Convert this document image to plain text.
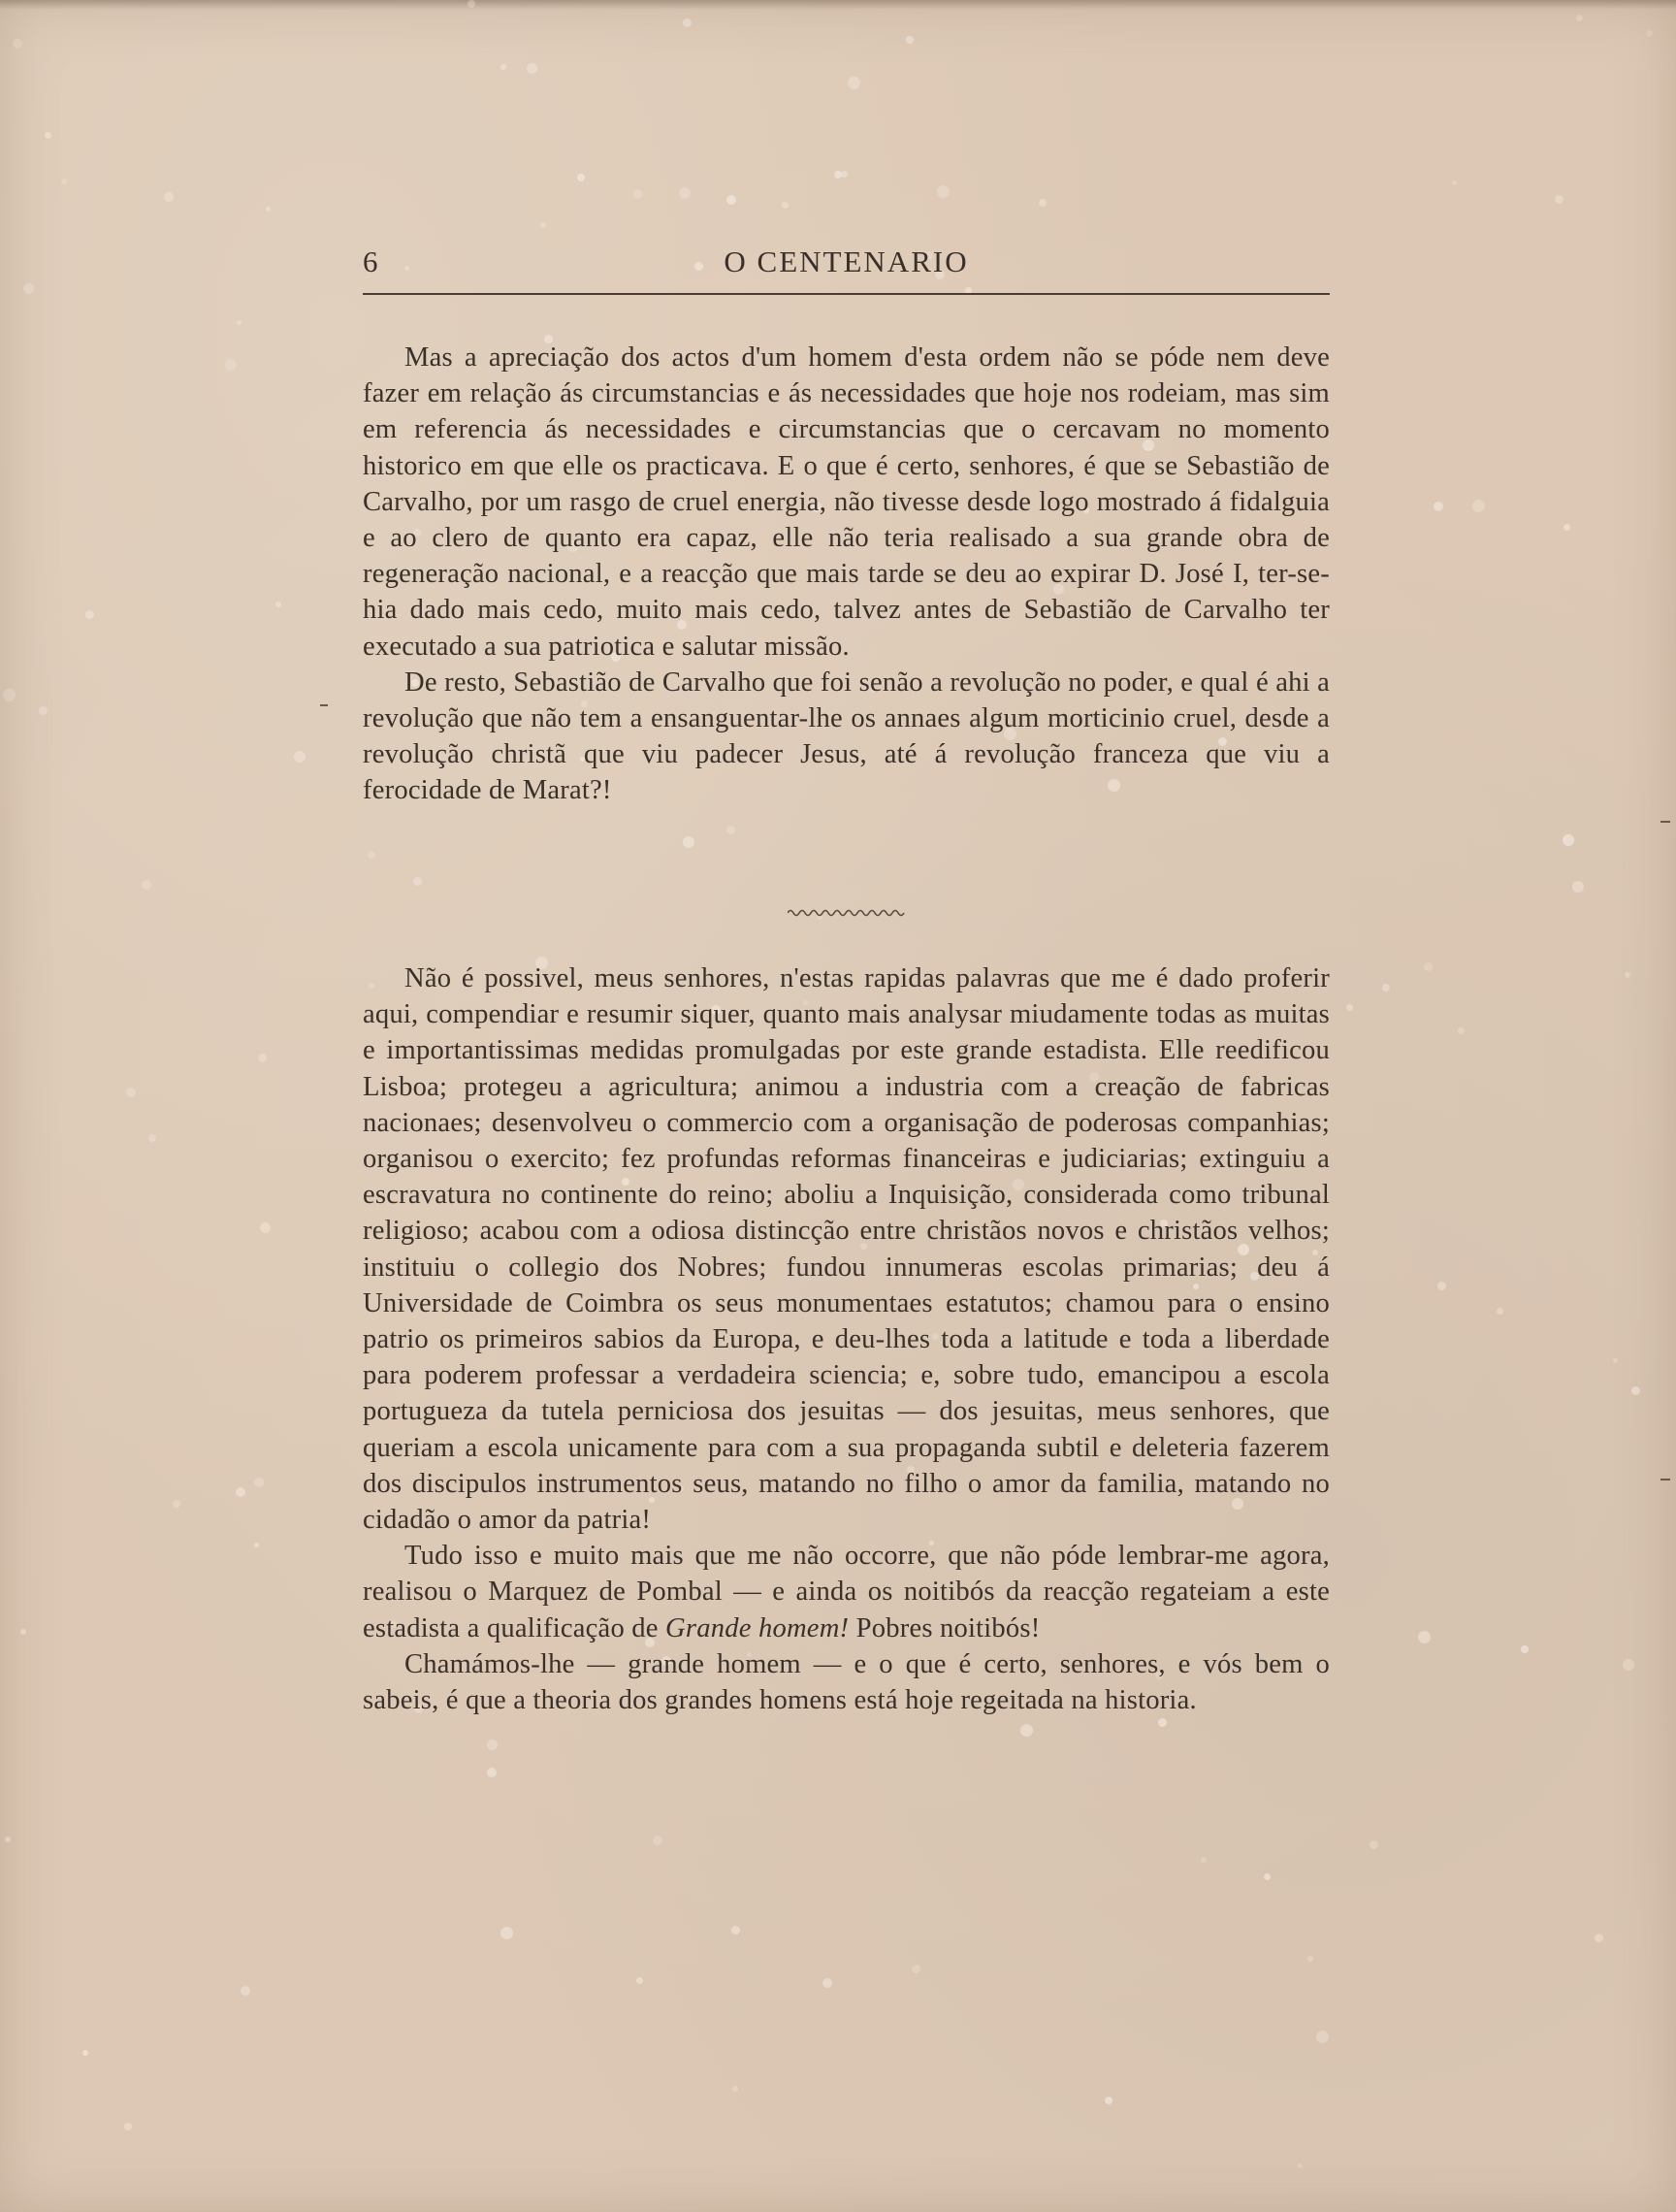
6	O CENTENARIO

Mas a apreciação dos actos d'um homem d'esta ordem não se póde nem deve fazer em relação ás circumstancias e ás necessidades que hoje nos rodeiam, mas sim em referencia ás necessidades e circumstancias que o cercavam no momento historico em que elle os practicava. E o que é certo, senhores, é que se Sebastião de Carvalho, por um rasgo de cruel energia, não tivesse desde logo mostrado á fidalguia e ao clero de quanto era capaz, elle não teria realisado a sua grande obra de regeneração nacional, e a reacção que mais tarde se deu ao expirar D. José I, ter-se-hia dado mais cedo, muito mais cedo, talvez antes de Sebastião de Carvalho ter executado a sua patriotica e salutar missão.

De resto, Sebastião de Carvalho que foi senão a revolução no poder, e qual é ahi a revolução que não tem a ensanguentar-lhe os annaes algum morticinio cruel, desde a revolução christã que viu padecer Jesus, até á revolução franceza que viu a ferocidade de Marat?!

Não é possivel, meus senhores, n'estas rapidas palavras que me é dado proferir aqui, compendiar e resumir siquer, quanto mais analysar miudamente todas as muitas e importantissimas medidas promulgadas por este grande estadista. Elle reedificou Lisboa; protegeu a agricultura; animou a industria com a creação de fabricas nacionaes; desenvolveu o commercio com a organisação de poderosas companhias; organisou o exercito; fez profundas reformas financeiras e judiciarias; extinguiu a escravatura no continente do reino; aboliu a Inquisição, considerada como tribunal religioso; acabou com a odiosa distincção entre christãos novos e christãos velhos; instituiu o collegio dos Nobres; fundou innumeras escolas primarias; deu á Universidade de Coimbra os seus monumentaes estatutos; chamou para o ensino patrio os primeiros sabios da Europa, e deu-lhes toda a latitude e toda a liberdade para poderem professar a verdadeira sciencia; e, sobre tudo, emancipou a escola portugueza da tutela perniciosa dos jesuitas — dos jesuitas, meus senhores, que queriam a escola unicamente para com a sua propaganda subtil e deleteria fazerem dos discipulos instrumentos seus, matando no filho o amor da familia, matando no cidadão o amor da patria!

Tudo isso e muito mais que me não occorre, que não póde lembrar-me agora, realisou o Marquez de Pombal — e ainda os noitibós da reacção regateiam a este estadista a qualificação de Grande homem! Pobres noitibós!

Chamámos-lhe — grande homem — e o que é certo, senhores, e vós bem o sabeis, é que a theoria dos grandes homens está hoje regeitada na historia.
